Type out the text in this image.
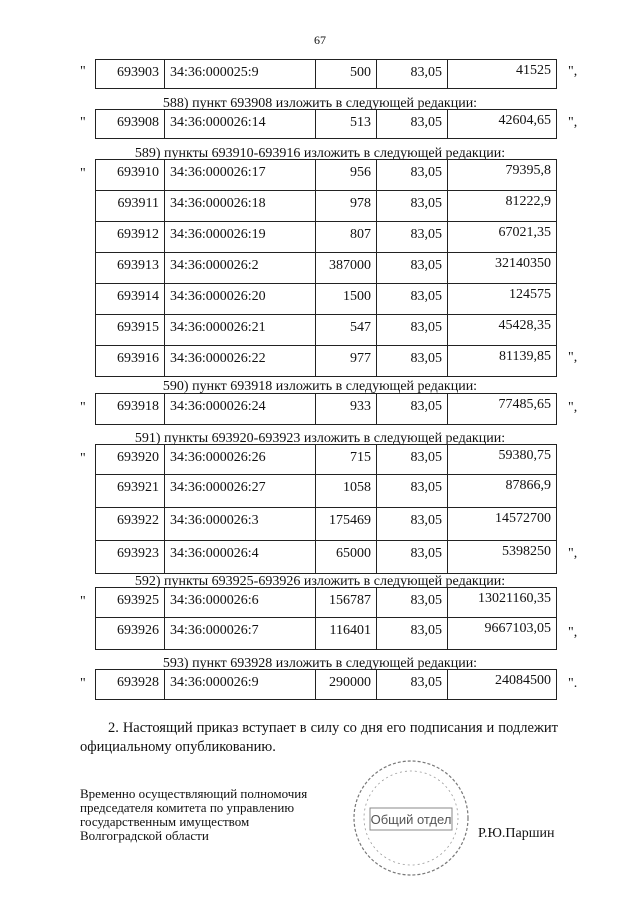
67
" 693903	34:36:000025:9	500	83,05	41525 ",
588) пункт 693908 изложить в следующей редакции:
" 693908	34:36:000026:14	513	83,05	42604,65 ",
589) пункты 693910-693916 изложить в следующей редакции:
" 693910	34:36:000026:17	956	83,05	79395,8
693911	34:36:000026:18	978	83,05	81222,9
693912	34:36:000026:19	807	83,05	67021,35
693913	34:36:000026:2	387000	83,05	32140350
693914	34:36:000026:20	1500	83,05	124575
693915	34:36:000026:21	547	83,05	45428,35
693916	34:36:000026:22	977	83,05	81139,85 ",
590) пункт 693918 изложить в следующей редакции:
" 693918	34:36:000026:24	933	83,05	77485,65 ",
591) пункты 693920-693923 изложить в следующей редакции:
" 693920	34:36:000026:26	715	83,05	59380,75
693921	34:36:000026:27	1058	83,05	87866,9
693922	34:36:000026:3	175469	83,05	14572700
693923	34:36:000026:4	65000	83,05	5398250 ",
592) пункты 693925-693926 изложить в следующей редакции:
" 693925	34:36:000026:6	156787	83,05	13021160,35
693926	34:36:000026:7	116401	83,05	9667103,05 ",
593) пункт 693928 изложить в следующей редакции:
" 693928	34:36:000026:9	290000	83,05	24084500 ".
2. Настоящий приказ вступает в силу со дня его подписания и подлежит официальному опубликованию.
Временно осуществляющий полномочия
председателя комитета по управлению
государственным имуществом
Волгоградской области
Общий отдел
Р.Ю.Паршин
